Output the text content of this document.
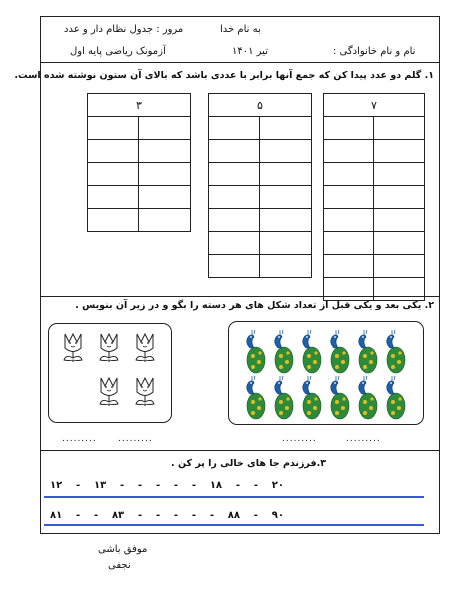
به نام خدا
مرور : جدول نظام دار و عدد
نام و نام خانوادگی :
تیر ۱۴۰۱
آزمونک ریاضی پایه اول
۱. گلم دو عدد پیدا کن که جمع آنها برابر با عددی باشد که بالای آن ستون نوشته شده است.
۷	

۵	

۳	

۲. یکی بعد و یکی قبل از تعداد شکل های هر دسته را بگو و در زیر آن بنویس .
......... .........	.........	.........
۳.فرزندم جا های خالی را پر کن .
۲۰ - - ۱۸ - - - - - ۱۳ - ۱۲
۹۰ - ۸۸ - - - - - ۸۳ - - ۸۱
موفق باشی
نجفی
